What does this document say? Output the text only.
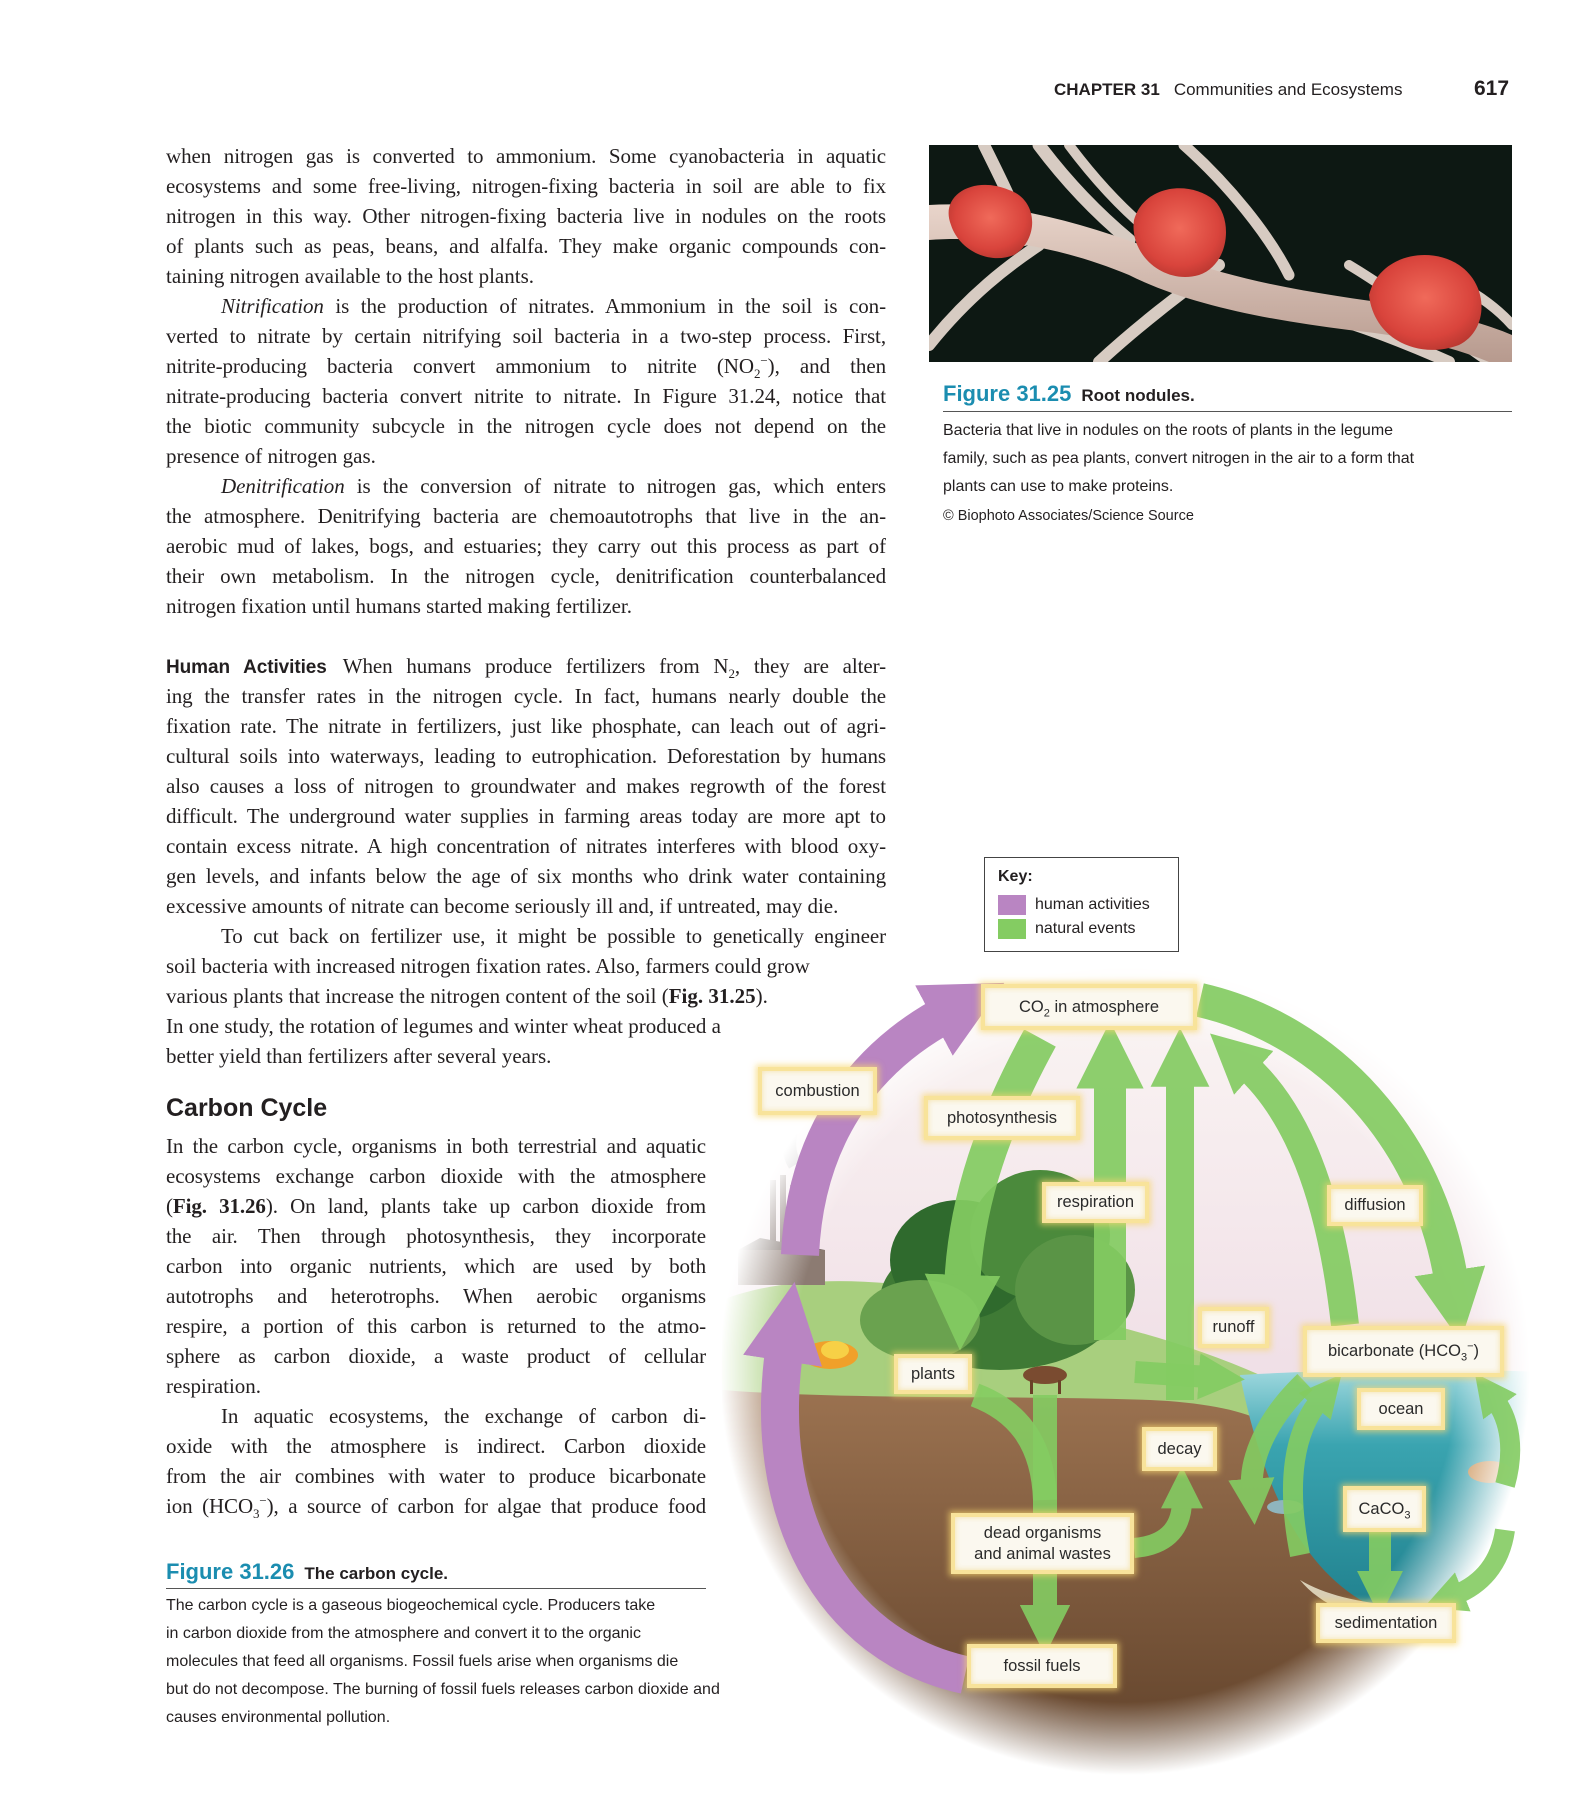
CHAPTER 31 Communities and Ecosystems	617
when nitrogen gas is converted to ammonium. Some cyanobacteria in aquatic
ecosystems and some free-living, nitrogen-fixing bacteria in soil are able to fix
nitrogen in this way. Other nitrogen-fixing bacteria live in nodules on the roots
of plants such as peas, beans, and alfalfa. They make organic compounds con-
taining nitrogen available to the host plants.
Nitrification is the production of nitrates. Ammonium in the soil is con-
verted to nitrate by certain nitrifying soil bacteria in a two-step process. First,
nitrite-producing bacteria convert ammonium to nitrite $(NO_2^-)$, and then
nitrate-producing bacteria convert nitrite to nitrate. In Figure 31.24, notice that
the biotic community subcycle in the nitrogen cycle does not depend on the
presence of nitrogen gas.
Denitrification is the conversion of nitrate to nitrogen gas, which enters
the atmosphere. Denitrifying bacteria are chemoautotrophs that live in the an-
aerobic mud of lakes, bogs, and estuaries; they carry out this process as part of
their own metabolism. In the nitrogen cycle, denitrification counterbalanced
nitrogen fixation until humans started making fertilizer.
Human Activities When humans produce fertilizers from $N_2$, they are alter-
ing the transfer rates in the nitrogen cycle. In fact, humans nearly double the
fixation rate. The nitrate in fertilizers, just like phosphate, can leach out of agri-
cultural soils into waterways, leading to eutrophication. Deforestation by humans
also causes a loss of nitrogen to groundwater and makes regrowth of the forest
difficult. The underground water supplies in farming areas today are more apt to
contain excess nitrate. A high concentration of nitrates interferes with blood oxy-
gen levels, and infants below the age of six months who drink water containing
excessive amounts of nitrate can become seriously ill and, if untreated, may die.
To cut back on fertilizer use, it might be possible to genetically engineer
soil bacteria with increased nitrogen fixation rates. Also, farmers could grow
various plants that increase the nitrogen content of the soil (Fig. 31.25).
In one study, the rotation of legumes and winter wheat produced a
better yield than fertilizers after several years.
Carbon Cycle
In the carbon cycle, organisms in both terrestrial and aquatic
ecosystems exchange carbon dioxide with the atmosphere
(Fig. 31.26). On land, plants take up carbon dioxide from
the air. Then through photosynthesis, they incorporate
carbon into organic nutrients, which are used by both
autotrophs and heterotrophs. When aerobic organisms
respire, a portion of this carbon is returned to the atmo-
sphere as carbon dioxide, a waste product of cellular
respiration.
In aquatic ecosystems, the exchange of carbon di-
oxide with the atmosphere is indirect. Carbon dioxide
from the air combines with water to produce bicarbonate
ion $(HCO_3^-)$, a source of carbon for algae that produce food
Figure 31.25 Root nodules.
Bacteria that live in nodules on the roots of plants in the legume
family, such as pea plants, convert nitrogen in the air to a form that
plants can use to make proteins.
© Biophoto Associates/Science Source
Key:
human activities
natural events
$CO_2$ in atmosphere
combustion
photosynthesis
respiration	diffusion
runoff
bicarbonate $(HCO_3^-)$
plants
ocean
decay
CaCO$_3$
dead organisms
and animal wastes
sedimentation
fossil fuels
Figure 31.26 The carbon cycle.
The carbon cycle is a gaseous biogeochemical cycle. Producers take
in carbon dioxide from the atmosphere and convert it to the organic
molecules that feed all organisms. Fossil fuels arise when organisms die
but do not decompose. The burning of fossil fuels releases carbon dioxide and
causes environmental pollution.
